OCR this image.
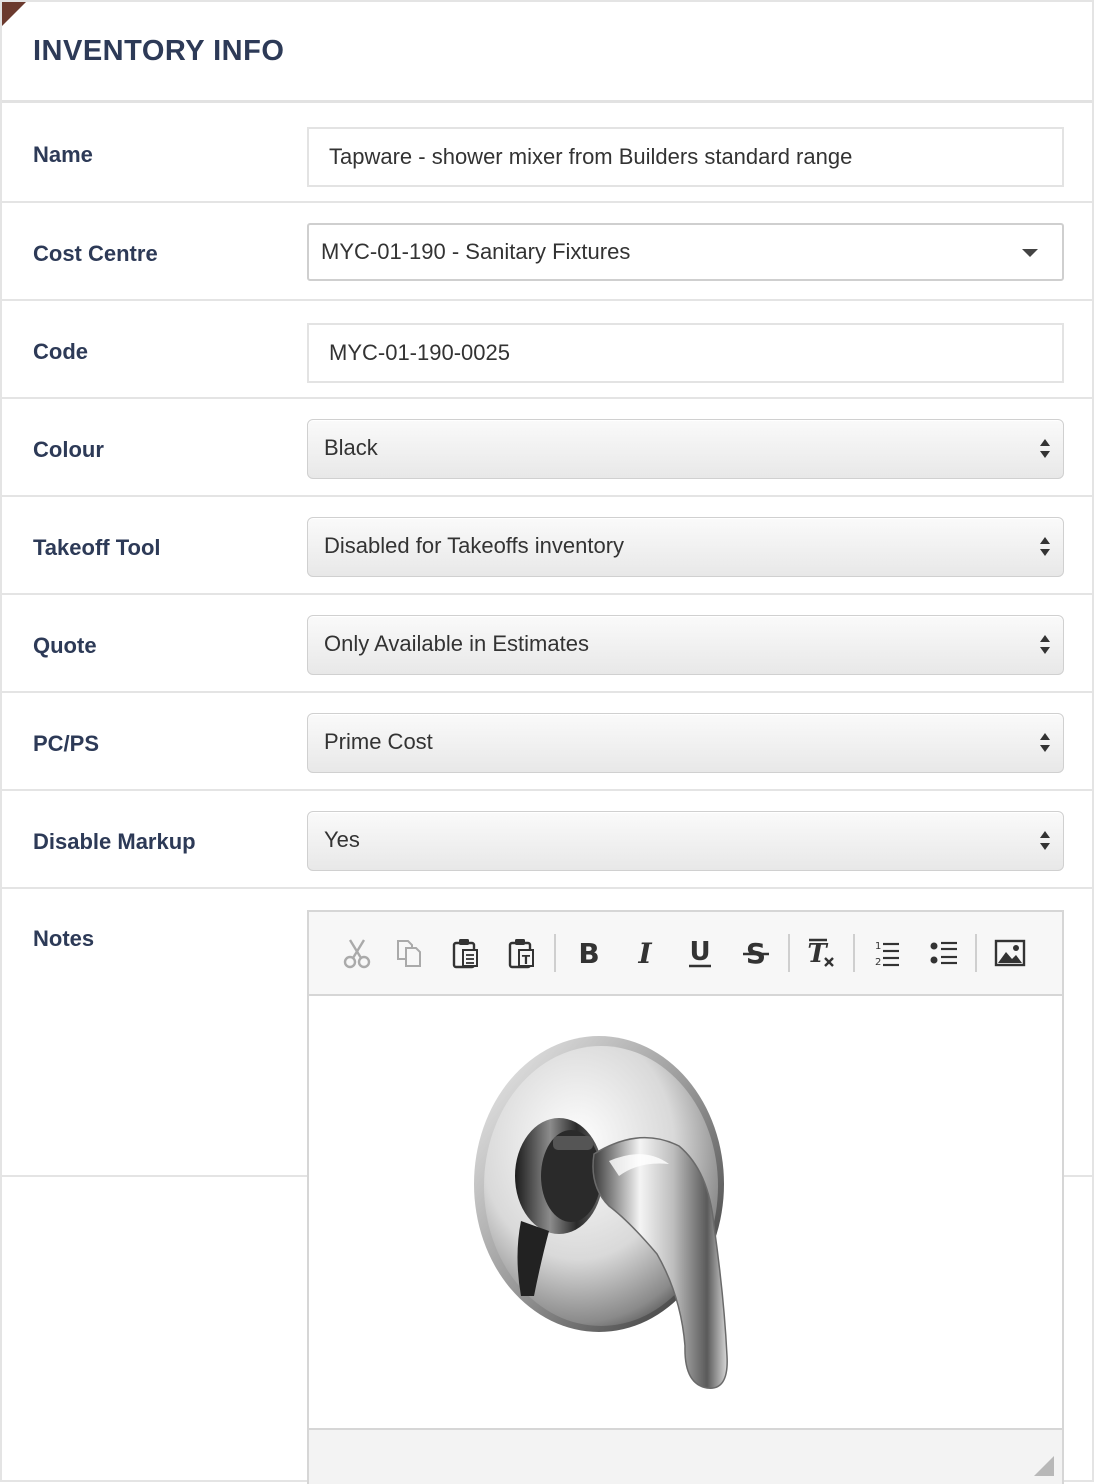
INVENTORY INFO
Name	Tapware - shower mixer from Builders standard range
Cost Centre	MYC-01-190 - Sanitary Fixtures
Code	MYC-01-190-0025
Colour	Black
Takeoff Tool	Disabled for Takeoffs inventory
Quote	Only Available in Estimates
PC/PS	Prime Cost
Disable Markup	Yes
Notes
T B I U S T	1
2
